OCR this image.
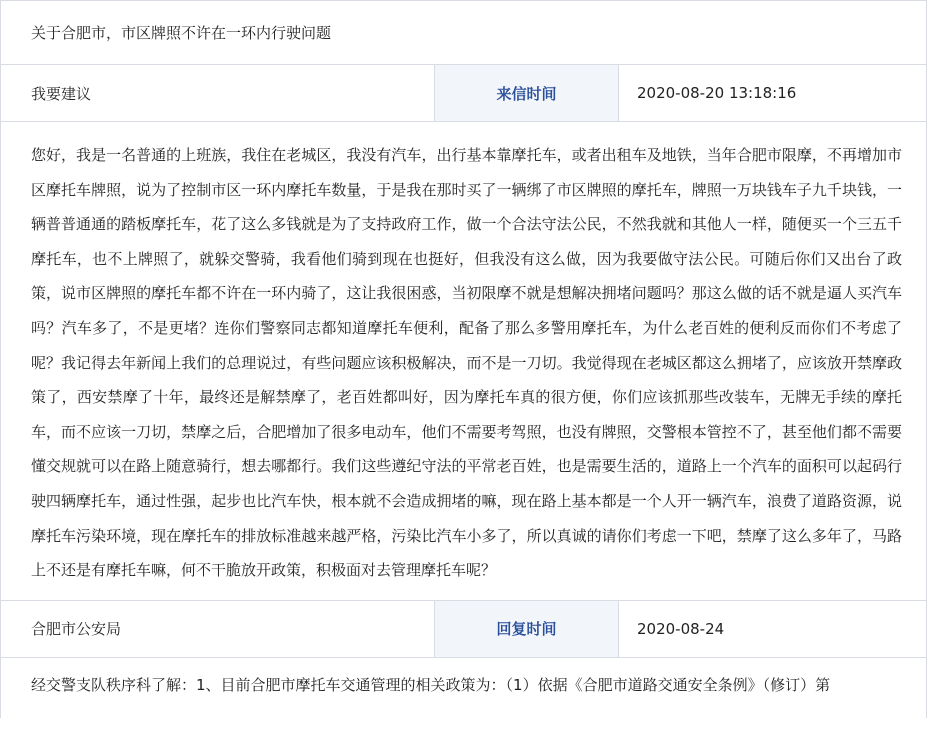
关于合肥市，市区牌照不许在一环内行驶问题
我要建议	来信时间	2020-08-20 13:18:16

您好，我是一名普通的上班族，我住在老城区，我没有汽车，出行基本靠摩托车，或者出租车及地铁，当年合肥市限摩，不再增加市区摩托车牌照，说为了控制市区一环内摩托车数量，于是我在那时买了一辆绑了市区牌照的摩托车，牌照一万块钱车子九千块钱，一辆普普通通的踏板摩托车，花了这么多钱就是为了支持政府工作，做一个合法守法公民，不然我就和其他人一样，随便买一个三五千摩托车，也不上牌照了，就躲交警骑，我看他们骑到现在也挺好，但我没有这么做，因为我要做守法公民。可随后你们又出台了政策，说市区牌照的摩托车都不许在一环内骑了，这让我很困惑，当初限摩不就是想解决拥堵问题吗？那这么做的话不就是逼人买汽车吗？汽车多了，不是更堵？连你们警察同志都知道摩托车便利，配备了那么多警用摩托车，为什么老百姓的便利反而你们不考虑了呢？我记得去年新闻上我们的总理说过，有些问题应该积极解决，而不是一刀切。我觉得现在老城区都这么拥堵了，应该放开禁摩政策了，西安禁摩了十年，最终还是解禁摩了，老百姓都叫好，因为摩托车真的很方便，你们应该抓那些改装车，无牌无手续的摩托车，而不应该一刀切，禁摩之后，合肥增加了很多电动车，他们不需要考驾照，也没有牌照，交警根本管控不了，甚至他们都不需要懂交规就可以在路上随意骑行，想去哪都行。我们这些遵纪守法的平常老百姓，也是需要生活的，道路上一个汽车的面积可以起码行驶四辆摩托车，通过性强，起步也比汽车快，根本就不会造成拥堵的嘛，现在路上基本都是一个人开一辆汽车，浪费了道路资源，说摩托车污染环境，现在摩托车的排放标准越来越严格，污染比汽车小多了，所以真诚的请你们考虑一下吧，禁摩了这么多年了，马路上不还是有摩托车嘛，何不干脆放开政策，积极面对去管理摩托车呢？

合肥市公安局	回复时间	2020-08-24

经交警支队秩序科了解：1、目前合肥市摩托车交通管理的相关政策为：（1）依据《合肥市道路交通安全条例》（修订）第
